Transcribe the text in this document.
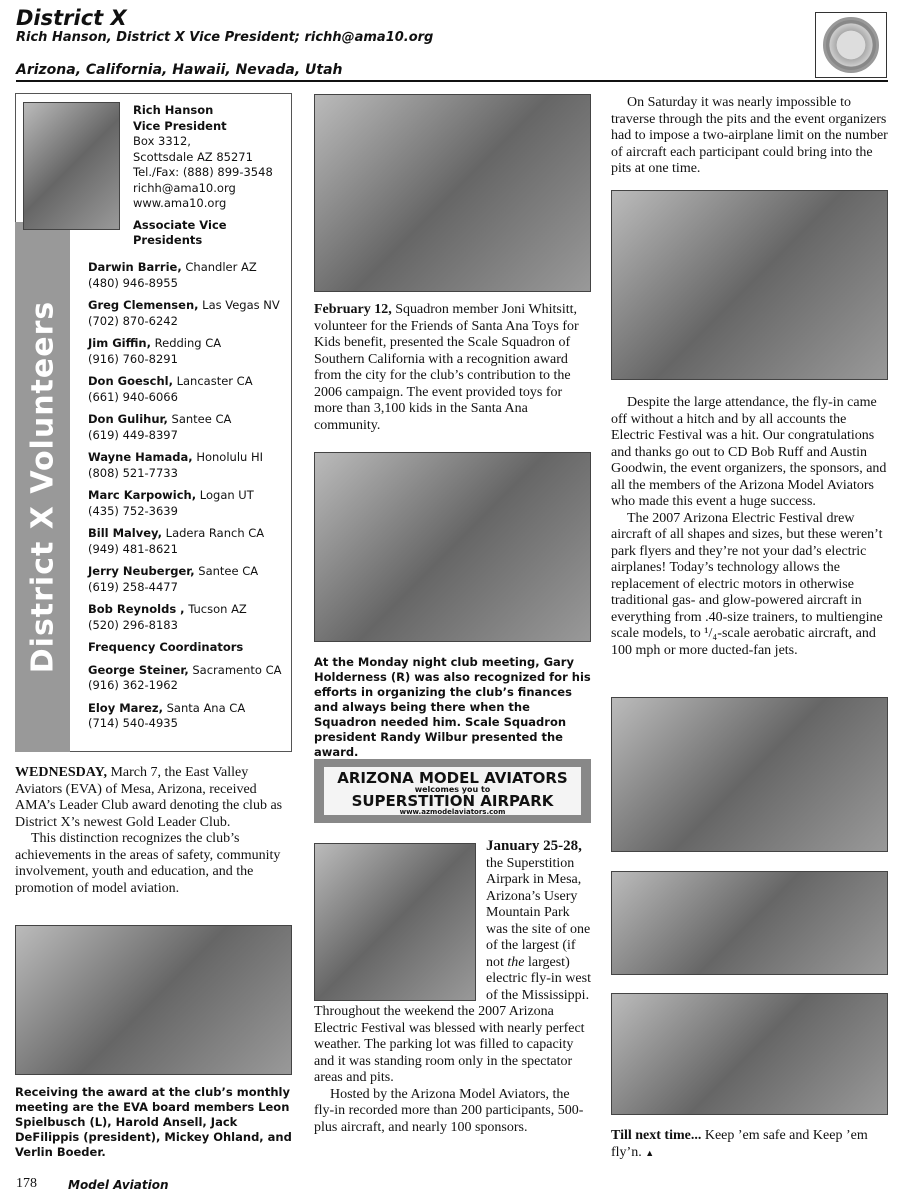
District X
Rich Hanson, District X Vice President; richh@ama10.org
Arizona, California, Hawaii, Nevada, Utah
District X Volunteers
Rich Hanson
Vice President
Box 3312,
Scottsdale AZ 85271
Tel./Fax: (888) 899-3548
richh@ama10.org
www.ama10.org
Associate Vice Presidents
Darwin Barrie, Chandler AZ
(480) 946-8955
Greg Clemensen, Las Vegas NV
(702) 870-6242
Jim Giffin, Redding CA
(916) 760-8291
Don Goeschl, Lancaster CA
(661) 940-6066
Don Gulihur, Santee CA
(619) 449-8397
Wayne Hamada, Honolulu HI
(808) 521-7733
Marc Karpowich, Logan UT
(435) 752-3639
Bill Malvey, Ladera Ranch CA
(949) 481-8621
Jerry Neuberger, Santee CA
(619) 258-4477
Bob Reynolds , Tucson AZ
(520) 296-8183
Frequency Coordinators
George Steiner, Sacramento CA
(916) 362-1962
Eloy Marez, Santa Ana CA
(714) 540-4935

WEDNESDAY, March 7, the East Valley Aviators (EVA) of Mesa, Arizona, received AMA’s Leader Club award denoting the club as District X’s newest Gold Leader Club.

This distinction recognizes the club’s achievements in the areas of safety, community involvement, youth and education, and the promotion of model aviation.

Receiving the award at the club’s monthly meeting are the EVA board members Leon Spielbusch (L), Harold Ansell, Jack DeFilippis (president), Mickey Ohland, and Verlin Boeder.

February 12, Squadron member Joni Whitsitt, volunteer for the Friends of Santa Ana Toys for Kids benefit, presented the Scale Squadron of Southern California with a recognition award from the city for the club’s contribution to the 2006 campaign. The event provided toys for more than 3,100 kids in the Santa Ana community.

At the Monday night club meeting, Gary Holderness (R) was also recognized for his efforts in organizing the club’s finances and always being there when the Squadron needed him. Scale Squadron president Randy Wilbur presented the award.
ARIZONA MODEL AVIATORS
welcomes you to
SUPERSTITION AIRPARK
www.azmodelaviators.com

January 25-28, the Superstition Airpark in Mesa, Arizona’s Usery Mountain Park was the site of one of the largest (if not the largest) electric fly-in west of the Mississippi. Throughout the weekend the 2007 Arizona Electric Festival was blessed with nearly perfect weather. The parking lot was filled to capacity and it was standing room only in the spectator areas and pits.

Hosted by the Arizona Model Aviators, the fly-in recorded more than 200 participants, 500-plus aircraft, and nearly 100 sponsors.

On Saturday it was nearly impossible to traverse through the pits and the event organizers had to impose a two-airplane limit on the number of aircraft each participant could bring into the pits at one time.

Despite the large attendance, the fly-in came off without a hitch and by all accounts the Electric Festival was a hit. Our congratulations and thanks go out to CD Bob Ruff and Austin Goodwin, the event organizers, the sponsors, and all the members of the Arizona Model Aviators who made this event a huge success.

The 2007 Arizona Electric Festival drew aircraft of all shapes and sizes, but these weren’t park flyers and they’re not your dad’s electric airplanes! Today’s technology allows the replacement of electric motors in otherwise traditional gas- and glow-powered aircraft in everything from .40-size trainers, to multiengine scale models, to ¹/₄-scale aerobatic aircraft, and 100 mph or more ducted-fan jets.

Till next time... Keep ’em safe and Keep ’em fly’n. ▲

178	Model Aviation
